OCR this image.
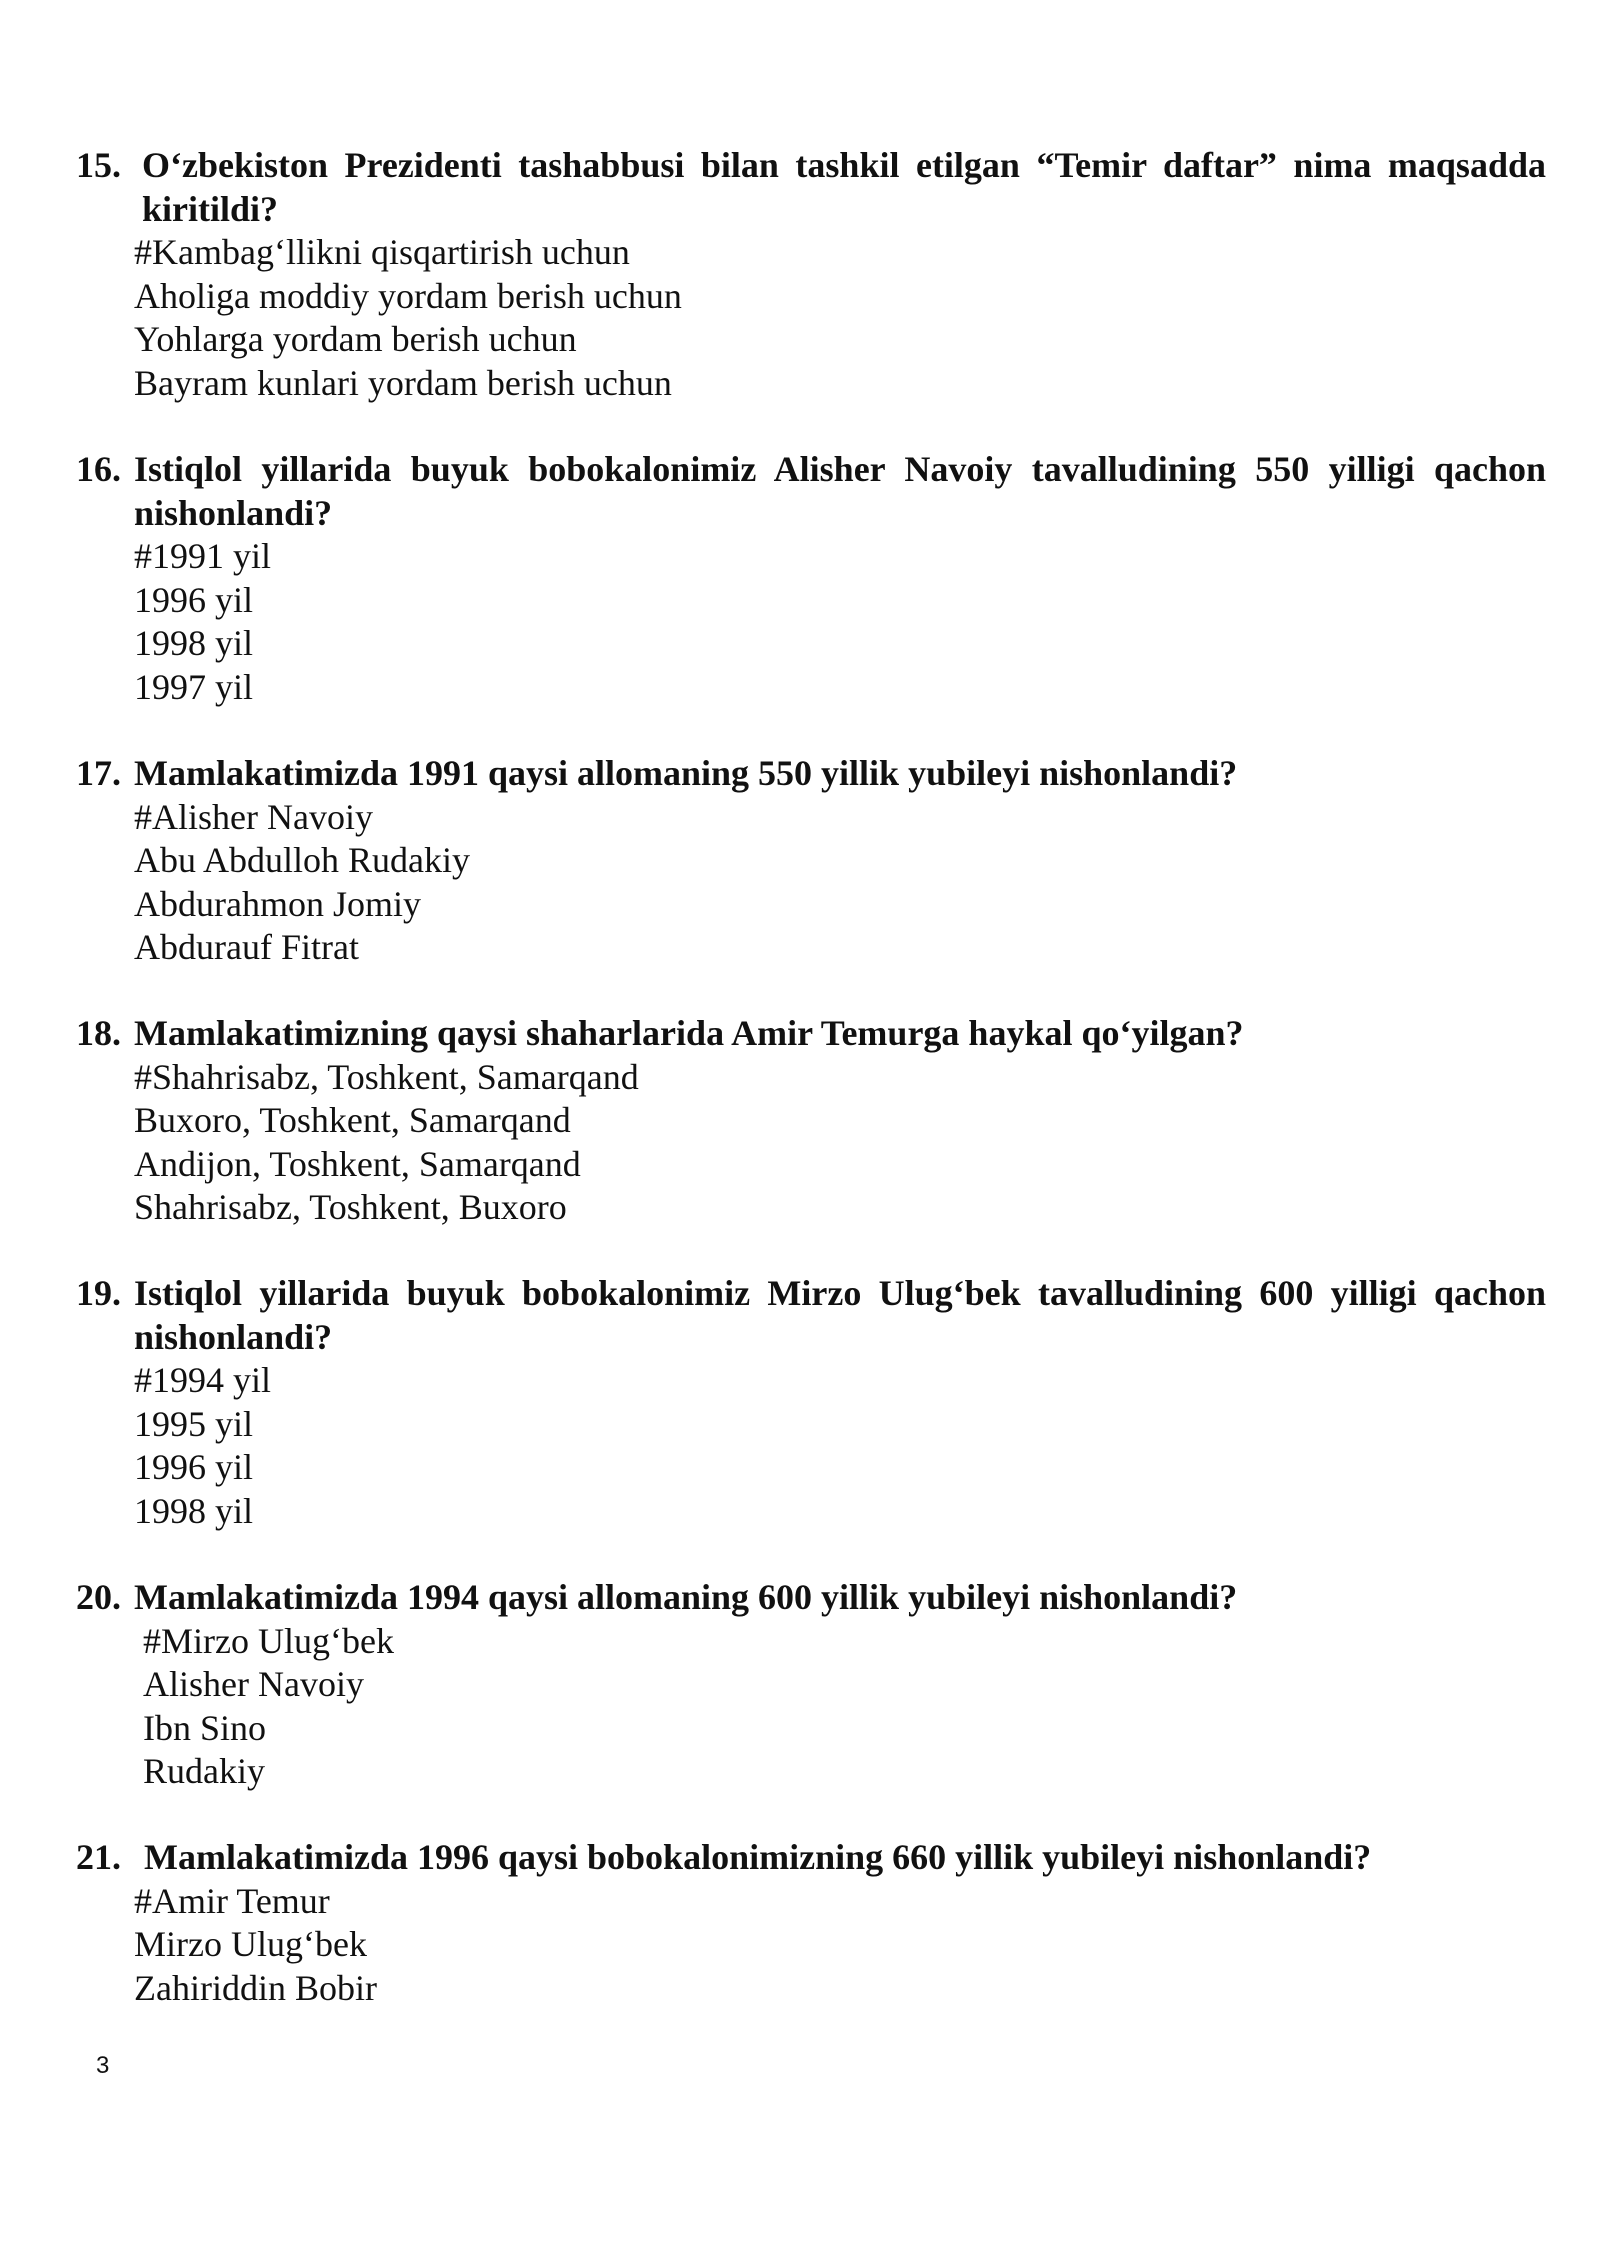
15. O‘zbekiston Prezidenti tashabbusi bilan tashkil etilgan “Temir daftar” nima maqsadda kiritildi?
#Kambag‘llikni qisqartirish uchun
Aholiga moddiy yordam berish uchun
Yohlarga yordam berish uchun
Bayram kunlari yordam berish uchun
16. Istiqlol yillarida buyuk bobokalonimiz Alisher Navoiy tavalludining 550 yilligi qachon nishonlandi?
#1991 yil
1996 yil
1998 yil
1997 yil
17. Mamlakatimizda 1991 qaysi allomaning 550 yillik yubileyi nishonlandi?
#Alisher Navoiy
Abu Abdulloh Rudakiy
Abdurahmon Jomiy
Abdurauf Fitrat
18. Mamlakatimizning qaysi shaharlarida Amir Temurga haykal qo‘yilgan?
#Shahrisabz, Toshkent, Samarqand
Buxoro, Toshkent, Samarqand
Andijon, Toshkent, Samarqand
Shahrisabz, Toshkent, Buxoro
19. Istiqlol yillarida buyuk bobokalonimiz Mirzo Ulug‘bek tavalludining 600 yilligi qachon nishonlandi?
#1994 yil
1995 yil
1996 yil
1998 yil
20. Mamlakatimizda 1994 qaysi allomaning 600 yillik yubileyi nishonlandi?
#Mirzo Ulug‘bek
Alisher Navoiy
Ibn Sino
Rudakiy
21. Mamlakatimizda 1996 qaysi bobokalonimizning 660 yillik yubileyi nishonlandi?
#Amir Temur
Mirzo Ulug‘bek
Zahiriddin Bobir
3
